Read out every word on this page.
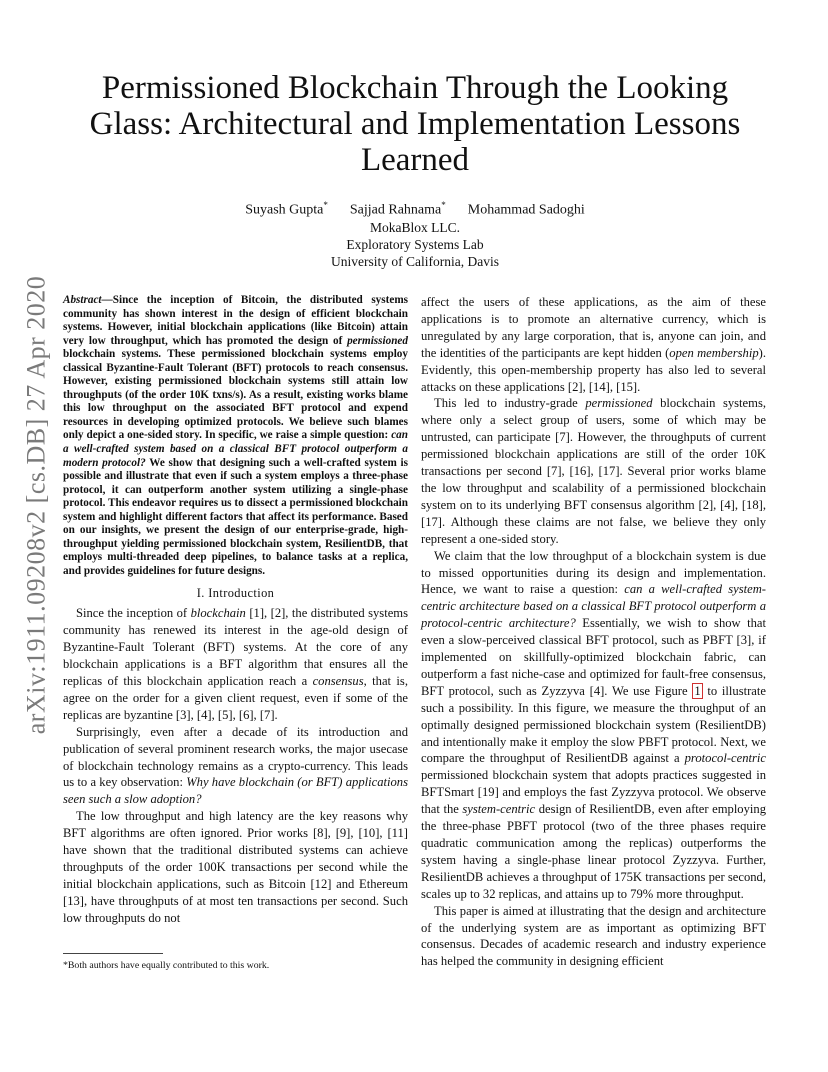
arXiv:1911.09208v2 [cs.DB] 27 Apr 2020
Permissioned Blockchain Through the Looking Glass: Architectural and Implementation Lessons Learned
Suyash Gupta* Sajjad Rahnama* Mohammad Sadoghi
MokaBlox LLC.
Exploratory Systems Lab
University of California, Davis

Abstract—Since the inception of Bitcoin, the distributed systems community has shown interest in the design of efficient blockchain systems. However, initial blockchain applications (like Bitcoin) attain very low throughput, which has promoted the design of permissioned blockchain systems. These permissioned blockchain systems employ classical Byzantine-Fault Tolerant (BFT) protocols to reach consensus. However, existing permissioned blockchain systems still attain low throughputs (of the order 10K txns/s). As a result, existing works blame this low throughput on the associated BFT protocol and expend resources in developing optimized protocols. We believe such blames only depict a one-sided story. In specific, we raise a simple question: can a well-crafted system based on a classical BFT protocol outperform a modern protocol? We show that designing such a well-crafted system is possible and illustrate that even if such a system employs a three-phase protocol, it can outperform another system utilizing a single-phase protocol. This endeavor requires us to dissect a permissioned blockchain system and highlight different factors that affect its performance. Based on our insights, we present the design of our enterprise-grade, high-throughput yielding permissioned blockchain system, ResilientDB, that employs multi-threaded deep pipelines, to balance tasks at a replica, and provides guidelines for future designs.

I. Introduction

Since the inception of blockchain [1], [2], the distributed systems community has renewed its interest in the age-old design of Byzantine-Fault Tolerant (BFT) systems. At the core of any blockchain applications is a BFT algorithm that ensures all the replicas of this blockchain application reach a consensus, that is, agree on the order for a given client request, even if some of the replicas are byzantine [3], [4], [5], [6], [7].

Surprisingly, even after a decade of its introduction and publication of several prominent research works, the major usecase of blockchain technology remains as a crypto-currency. This leads us to a key observation: Why have blockchain (or BFT) applications seen such a slow adoption?

The low throughput and high latency are the key reasons why BFT algorithms are often ignored. Prior works [8], [9], [10], [11] have shown that the traditional distributed systems can achieve throughputs of the order 100K transactions per second while the initial blockchain applications, such as Bitcoin [12] and Ethereum [13], have throughputs of at most ten transactions per second. Such low throughputs do not

affect the users of these applications, as the aim of these applications is to promote an alternative currency, which is unregulated by any large corporation, that is, anyone can join, and the identities of the participants are kept hidden (open membership). Evidently, this open-membership property has also led to several attacks on these applications [2], [14], [15].

This led to industry-grade permissioned blockchain systems, where only a select group of users, some of which may be untrusted, can participate [7]. However, the throughputs of current permissioned blockchain applications are still of the order 10K transactions per second [7], [16], [17]. Several prior works blame the low throughput and scalability of a permissioned blockchain system on to its underlying BFT consensus algorithm [2], [4], [18], [17]. Although these claims are not false, we believe they only represent a one-sided story.

We claim that the low throughput of a blockchain system is due to missed opportunities during its design and implementation. Hence, we want to raise a question: can a well-crafted system-centric architecture based on a classical BFT protocol outperform a protocol-centric architecture? Essentially, we wish to show that even a slow-perceived classical BFT protocol, such as PBFT [3], if implemented on skillfully-optimized blockchain fabric, can outperform a fast niche-case and optimized for fault-free consensus, BFT protocol, such as Zyzzyva [4]. We use Figure 1 to illustrate such a possibility. In this figure, we measure the throughput of an optimally designed permissioned blockchain system (ResilientDB) and intentionally make it employ the slow PBFT protocol. Next, we compare the throughput of ResilientDB against a protocol-centric permissioned blockchain system that adopts practices suggested in BFTSmart [19] and employs the fast Zyzzyva protocol. We observe that the system-centric design of ResilientDB, even after employing the three-phase PBFT protocol (two of the three phases require quadratic communication among the replicas) outperforms the system having a single-phase linear protocol Zyzzyva. Further, ResilientDB achieves a throughput of 175K transactions per second, scales up to 32 replicas, and attains up to 79% more throughput.

This paper is aimed at illustrating that the design and architecture of the underlying system are as important as optimizing BFT consensus. Decades of academic research and industry experience has helped the community in designing efficient

*Both authors have equally contributed to this work.
